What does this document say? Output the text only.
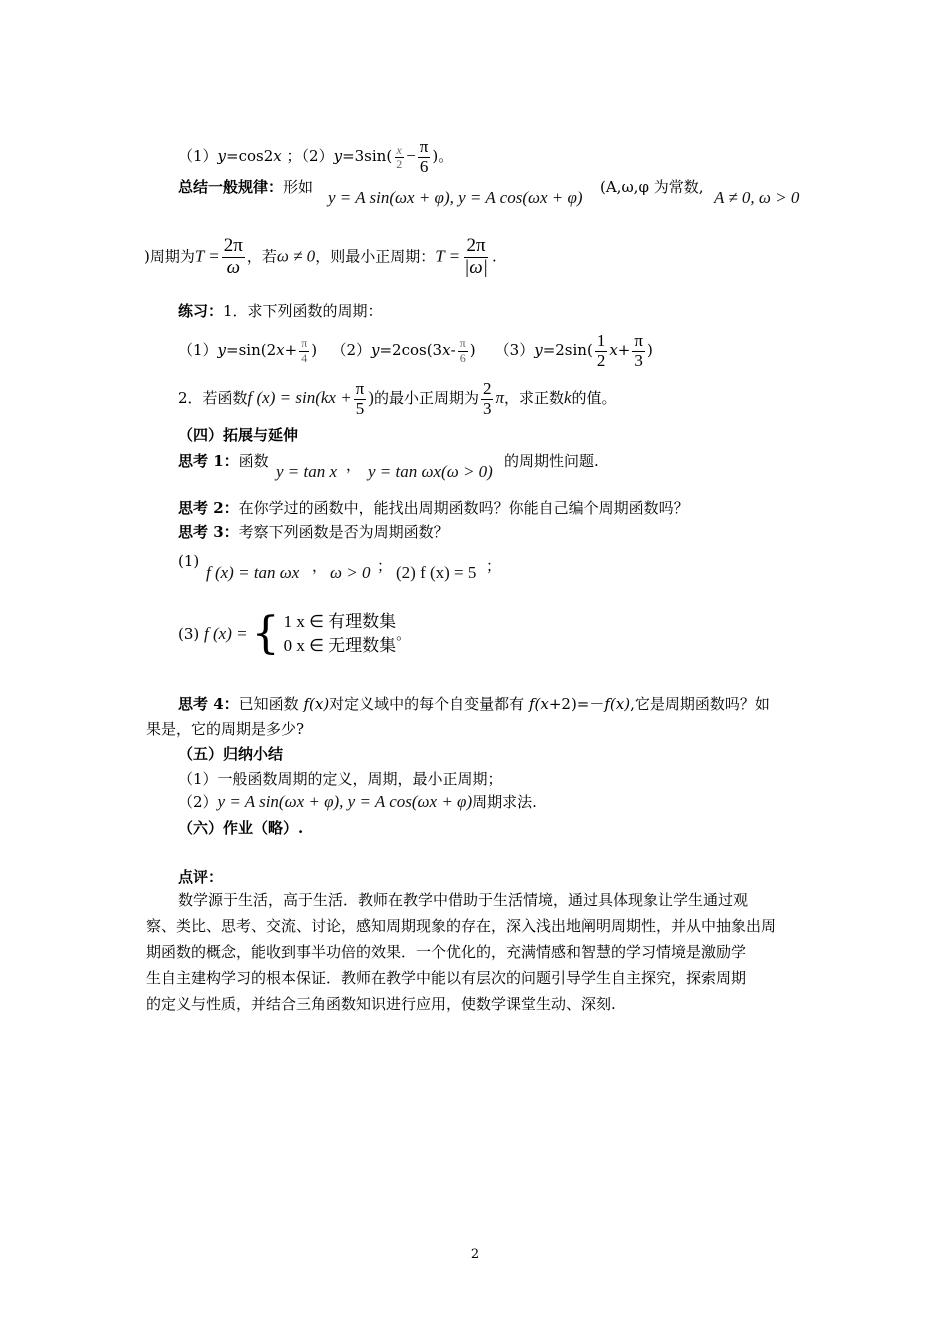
（1）y=cos2x ；$(2)y=3\sin( \frac{x}{2} - \frac{\pi}{6}$ )。
总结一般规律：形如
y = A sin(ωx + φ), y = A cos(ωx + φ)
(A,ω,φ 为常数,
A ≠ 0, ω > 0
)周期为$T = \frac{2\pi}{\omega}$ ，若ω ≠ 0，则最小正周期：$T = \frac{2\pi}{|\omega|}$ .
练习：1．求下列函数的周期：
$(1)y=\sin(2x+ \frac{\pi}{4}$ ) $(2)y=2\cos(3x- \frac{\pi}{6}$ ) $(3)y=2\sin( \frac{1}{2} x+ \frac{\pi}{3}$ )
2．若函数f $(x) = \sin(kx + \frac{\pi}{5}$ )的最小正周期为 $\frac{2}{3}$ π，求正数k的值。
（四）拓展与延伸
思考 1：函数
y = tan x ， y = tan ωx(ω > 0)
的周期性问题.
思考 2：在你学过的函数中，能找出周期函数吗？你能自己编个周期函数吗？
思考 3：考察下列函数是否为周期函数？
(1)
f (x) = tan ωx ， ω > 0 ； (2) f (x) = 5 ；
(3) f (x) ={ 1 x ∈ 有理数集
0 x ∈ 无理数集
。
思考 4：已知函数 f(x)对定义域中的每个自变量都有 f(x+2)=－f(x),它是周期函数吗？如
果是，它的周期是多少?
（五）归纳小结
（1）一般函数周期的定义，周期，最小正周期；
（2）y = A sin(ωx + φ), y = A cos(ωx + φ)周期求法.
（六）作业（略）.
点评：
数学源于生活，高于生活．教师在教学中借助于生活情境，通过具体现象让学生通过观
察、类比、思考、交流、讨论，感知周期现象的存在，深入浅出地阐明周期性，并从中抽象出周
期函数的概念，能收到事半功倍的效果．一个优化的，充满情感和智慧的学习情境是激励学
生自主建构学习的根本保证．教师在教学中能以有层次的问题引导学生自主探究，探索周期
的定义与性质，并结合三角函数知识进行应用，使数学课堂生动、深刻.
2
